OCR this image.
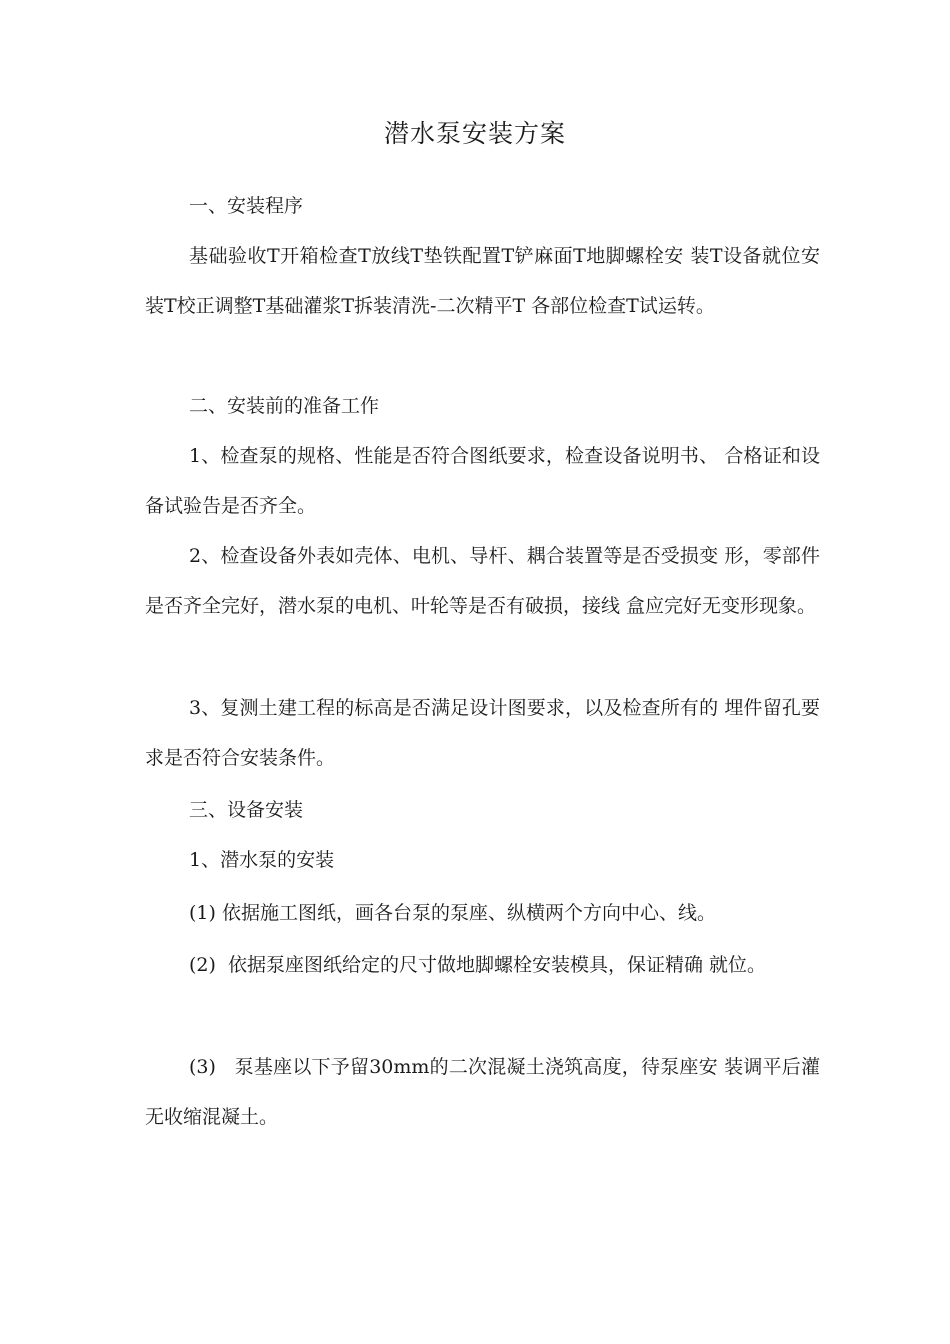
潜水泵安装方案
一、安装程序
基础验收T开箱检查T放线T垫铁配置T铲麻面T地脚螺栓安 装T设备就位安装T校正调整T基础灌浆T拆装清洗-二次精平T 各部位检查T试运转。
二、安装前的准备工作
1、检查泵的规格、性能是否符合图纸要求，检查设备说明书、 合格证和设备试验告是否齐全。
2、检查设备外表如壳体、电机、导杆、耦合装置等是否受损变 形，零部件是否齐全完好，潜水泵的电机、叶轮等是否有破损，接线 盒应完好无变形现象。
3、复测土建工程的标高是否满足设计图要求，以及检查所有的 埋件留孔要求是否符合安装条件。
三、设备安装
1、潜水泵的安装
(1) 依据施工图纸，画各台泵的泵座、纵横两个方向中心、线。
(2)  依据泵座图纸给定的尺寸做地脚螺栓安装模具，保证精确 就位。
(3)   泵基座以下予留30mm的二次混凝土浇筑高度，待泵座安 装调平后灌无收缩混凝土。
